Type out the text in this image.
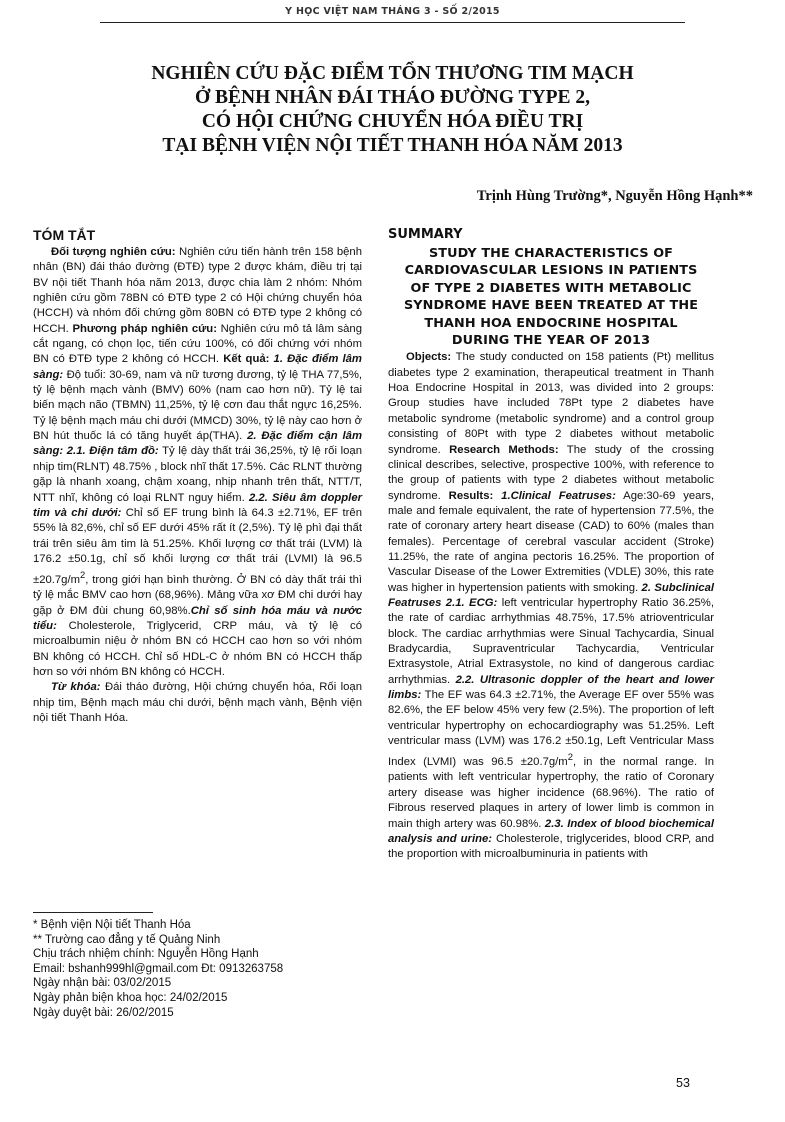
Y HỌC VIỆT NAM THÁNG 3 - SỐ 2/2015
NGHIÊN CỨU ĐẶC ĐIỂM TỔN THƯƠNG TIM MẠCH
Ở BỆNH NHÂN ĐÁI THÁO ĐƯỜNG TYPE 2,
CÓ HỘI CHỨNG CHUYỂN HÓA ĐIỀU TRỊ
TẠI BỆNH VIỆN NỘI TIẾT THANH HÓA NĂM 2013
Trịnh Hùng Trường*, Nguyễn Hồng Hạnh**
TÓM TẮT

Đối tượng nghiên cứu: Nghiên cứu tiến hành trên 158 bệnh nhân (BN) đái tháo đường (ĐTĐ) type 2 được khám, điều trị tại BV nội tiết Thanh hóa năm 2013, được chia làm 2 nhóm: Nhóm nghiên cứu gồm 78BN có ĐTĐ type 2 có Hội chứng chuyển hóa (HCCH) và nhóm đối chứng gồm 80BN có ĐTĐ type 2 không có HCCH. Phương pháp nghiên cứu: Nghiên cứu mô tả lâm sàng cắt ngang, có chọn lọc, tiến cứu 100%, có đối chứng với nhóm BN có ĐTĐ type 2 không có HCCH. Kết quả: 1. Đặc điểm lâm sàng: Độ tuổi: 30-69, nam và nữ tương đương, tỷ lệ THA 77,5%, tỷ lệ bệnh mạch vành (BMV) 60% (nam cao hơn nữ). Tỷ lệ tai biến mạch não (TBMN) 11,25%, tỷ lệ cơn đau thắt ngực 16,25%. Tỷ lệ bệnh mạch máu chi dưới (MMCD) 30%, tỷ lệ này cao hơn ở BN hút thuốc lá có tăng huyết áp(THA). 2. Đặc điểm cận lâm sàng: 2.1. Điện tâm đồ: Tỷ lệ dày thất trái 36,25%, tỷ lệ rối loạn nhịp tim(RLNT) 48.75% , block nhĩ thất 17.5%. Các RLNT thường gặp là nhanh xoang, chậm xoang, nhịp nhanh trên thất, NTT/T, NTT nhĩ, không có loại RLNT nguy hiểm. 2.2. Siêu âm doppler tim và chi dưới: Chỉ số EF trung bình là 64.3 ±2.71%, EF trên 55% là 82,6%, chỉ số EF dưới 45% rất ít (2,5%). Tỷ lệ phì đại thất trái trên siêu âm tim là 51.25%. Khối lượng cơ thất trái (LVM) là 176.2 ±50.1g, chỉ số khối lượng cơ thất trái (LVMI) là $96.5 \pm 20.7g/m^2$, trong giới hạn bình thường. Ở BN có dày thất trái thì tỷ lệ mắc BMV cao hơn (68,96%). Mảng vữa xơ ĐM chi dưới hay gặp ở ĐM đùi chung 60,98%.Chỉ số sinh hóa máu và nước tiểu: Cholesterole, Triglycerid, CRP máu, và tỷ lệ có microalbumin niệu ở nhóm BN có HCCH cao hơn so với nhóm BN không có HCCH. Chỉ số HDL-C ở nhóm BN có HCCH thấp hơn so với nhóm BN không có HCCH.

Từ khóa: Đái tháo đường, Hội chứng chuyển hóa, Rối loạn nhịp tim, Bệnh mạch máu chi dưới, bệnh mạch vành, Bệnh viện nội tiết Thanh Hóa.

* Bệnh viện Nội tiết Thanh Hóa
** Trường cao đẳng y tế Quảng Ninh
Chịu trách nhiệm chính: Nguyễn Hồng Hạnh
Email: bshanh999hl@gmail.com Đt: 0913263758
Ngày nhận bài: 03/02/2015
Ngày phản biện khoa học: 24/02/2015
Ngày duyệt bài: 26/02/2015
SUMMARY
STUDY THE CHARACTERISTICS OF
CARDIOVASCULAR LESIONS IN PATIENTS
OF TYPE 2 DIABETES WITH METABOLIC
SYNDROME HAVE BEEN TREATED AT THE
THANH HOA ENDOCRINE HOSPITAL
DURING THE YEAR OF 2013

Objects: The study conducted on 158 patients (Pt) mellitus diabetes type 2 examination, therapeutical treatment in Thanh Hoa Endocrine Hospital in 2013, was divided into 2 groups: Group studies have included 78Pt type 2 diabetes have metabolic syndrome (metabolic syndrome) and a control group consisting of 80Pt with type 2 diabetes without metabolic syndrome. Research Methods: The study of the crossing clinical describes, selective, prospective 100%, with reference to the group of patients with type 2 diabetes without metabolic syndrome. Results: 1.Clinical Featruses: Age:30-69 years, male and female equivalent, the rate of hypertension 77.5%, the rate of coronary artery heart disease (CAD) to 60% (males than females). Percentage of cerebral vascular accident (Stroke) 11.25%, the rate of angina pectoris 16.25%. The proportion of Vascular Disease of the Lower Extremities (VDLE) 30%, this rate was higher in hypertension patients with smoking. 2. Subclinical Featruses 2.1. ECG: left ventricular hypertrophy Ratio 36.25%, the rate of cardiac arrhythmias 48.75%, 17.5% atrioventricular block. The cardiac arrhythmias were Sinual Tachycardia, Sinual Bradycardia, Supraventricular Tachycardia, Ventricular Extrasystole, Atrial Extrasystole, no kind of dangerous cardiac arrhythmias. 2.2. Ultrasonic doppler of the heart and lower limbs: The EF was 64.3 ±2.71%, the Average EF over 55% was 82.6%, the EF below 45% very few (2.5%). The proportion of left ventricular hypertrophy on echocardiography was 51.25%. Left ventricular mass (LVM) was 176.2 ±50.1g, Left Ventricular Mass Index (LVMI) was $96.5 \pm 20.7g/m^2$, in the normal range. In patients with left ventricular hypertrophy, the ratio of Coronary artery disease was higher incidence (68.96%). The ratio of Fibrous reserved plaques in artery of lower limb is common in main thigh artery was 60.98%. 2.3. Index of blood biochemical analysis and urine: Cholesterole, triglycerides, blood CRP, and the proportion with microalbuminuria in patients with

53
